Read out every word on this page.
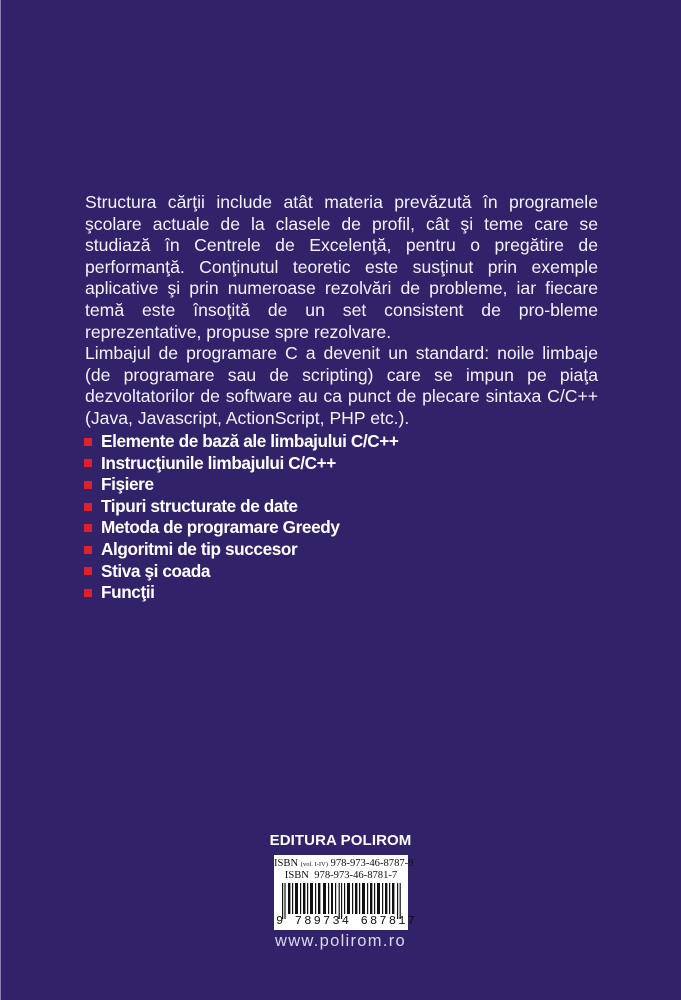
Structura cărţii include atât materia prevăzută în programele şcolare actuale de la clasele de profil, cât şi teme care se studiază în Centrele de Excelenţă, pentru o pregătire de performanţă. Conţinutul teoretic este susţinut prin exemple aplicative şi prin numeroase rezolvări de probleme, iar fiecare temă este însoţită de un set consistent de pro-bleme reprezentative, propuse spre rezolvare.

Limbajul de programare C a devenit un standard: noile limbaje (de programare sau de scripting) care se impun pe piaţa dezvoltatorilor de software au ca punct de plecare sintaxa C/C++ (Java, Javascript, ActionScript, PHP etc.).

Elemente de bază ale limbajului C/C++
Instrucţiunile limbajului C/C++
Fişiere
Tipuri structurate de date
Metoda de programare Greedy
Algoritmi de tip succesor
Stiva şi coada
Funcţii
EDITURA POLIROM
ISBN (vol. I-IV) 978-973-46-8787-9
ISBN  978-973-46-8781-7
9 789734 687817
www.polirom.ro
